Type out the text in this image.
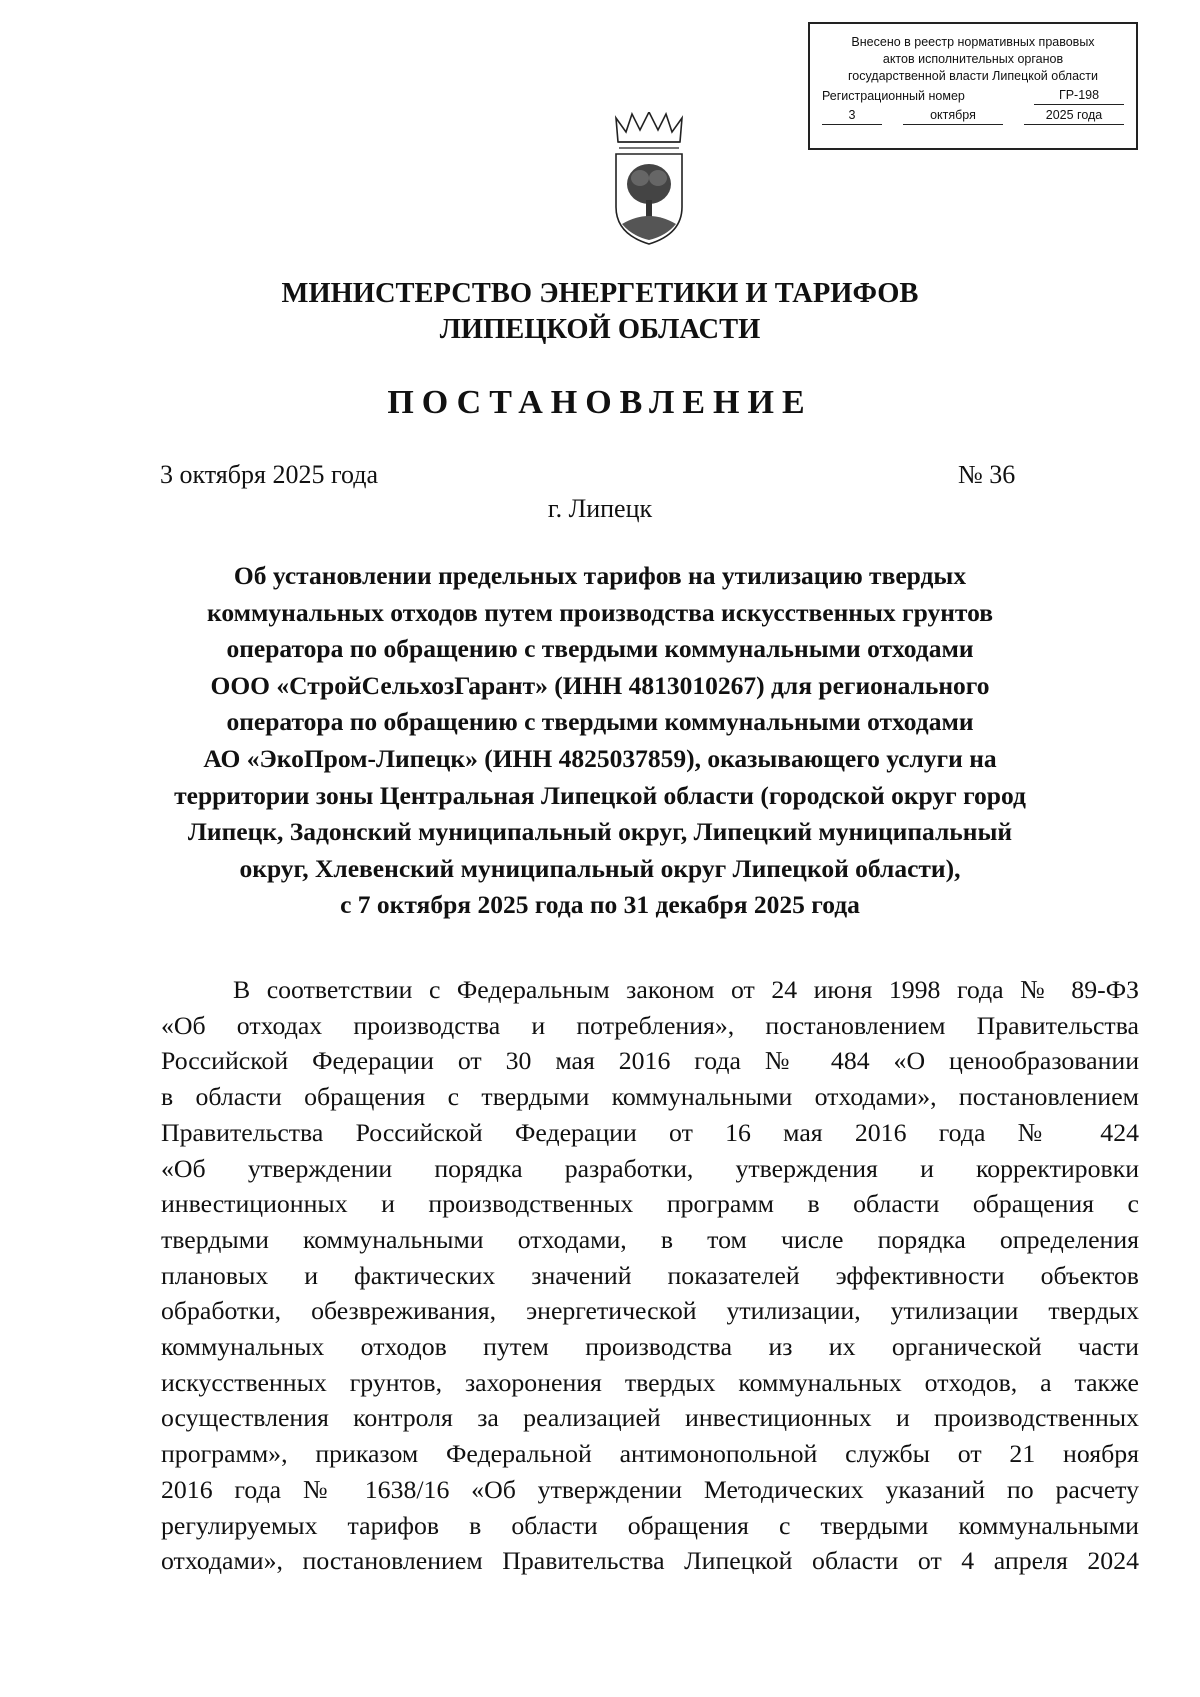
Внесено в реестр нормативных правовых
актов исполнительных органов
государственной власти Липецкой области
Регистрационный номер	ГР-198
3	октября	2025 года
МИНИСТЕРСТВО ЭНЕРГЕТИКИ И ТАРИФОВ
ЛИПЕЦКОЙ ОБЛАСТИ
ПОСТАНОВЛЕНИЕ
3 октября 2025 года	№ 36
г. Липецк
Об установлении предельных тарифов на утилизацию твердых
коммунальных отходов путем производства искусственных грунтов
оператора по обращению с твердыми коммунальными отходами
ООО «СтройСельхозГарант» (ИНН 4813010267) для регионального
оператора по обращению с твердыми коммунальными отходами
АО «ЭкоПром-Липецк» (ИНН 4825037859), оказывающего услуги на
территории зоны Центральная Липецкой области (городской округ город
Липецк, Задонский муниципальный округ, Липецкий муниципальный
округ, Хлевенский муниципальный округ Липецкой области),
с 7 октября 2025 года по 31 декабря 2025 года
В соответствии с Федеральным законом от 24 июня 1998 года № 89-ФЗ
«Об отходах производства и потребления», постановлением Правительства
Российской Федерации от 30 мая 2016 года № 484 «О ценообразовании
в области обращения с твердыми коммунальными отходами», постановлением
Правительства Российской Федерации от 16 мая 2016 года № 424
«Об утверждении порядка разработки, утверждения и корректировки
инвестиционных и производственных программ в области обращения с
твердыми коммунальными отходами, в том числе порядка определения
плановых и фактических значений показателей эффективности объектов
обработки, обезвреживания, энергетической утилизации, утилизации твердых
коммунальных отходов путем производства из их органической части
искусственных грунтов, захоронения твердых коммунальных отходов, а также
осуществления контроля за реализацией инвестиционных и производственных
программ», приказом Федеральной антимонопольной службы от 21 ноября
2016 года № 1638/16 «Об утверждении Методических указаний по расчету
регулируемых тарифов в области обращения с твердыми коммунальными
отходами», постановлением Правительства Липецкой области от 4 апреля 2024
